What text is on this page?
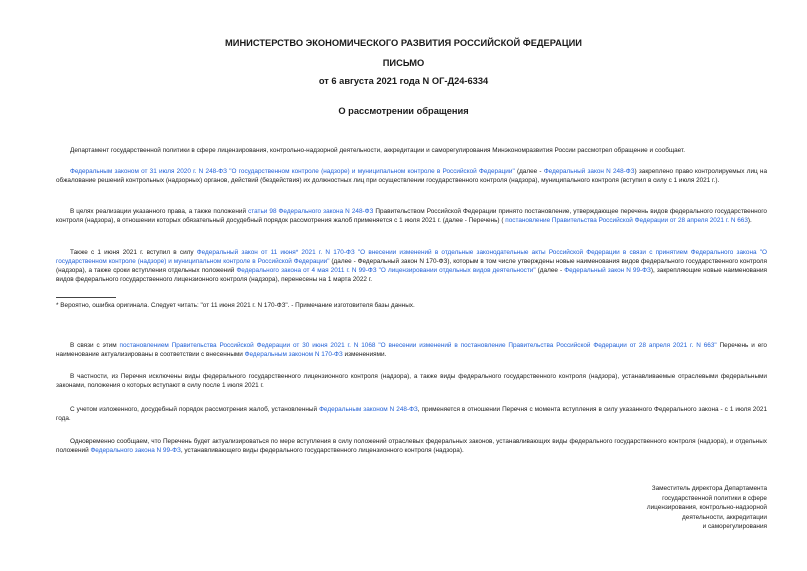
МИНИСТЕРСТВО ЭКОНОМИЧЕСКОГО РАЗВИТИЯ РОССИЙСКОЙ ФЕДЕРАЦИИ
ПИСЬМО
от 6 августа 2021 года N ОГ-Д24-6334
О рассмотрении обращения
Департамент государственной политики в сфере лицензирования, контрольно-надзорной деятельности, аккредитации и саморегулирования Минэкономразвития России рассмотрел обращение и сообщает.
Федеральным законом от 31 июля 2020 г. N 248-ФЗ "О государственном контроле (надзоре) и муниципальном контроле в Российской Федерации" (далее - Федеральный закон N 248-ФЗ) закреплено право контролируемых лиц на обжалование решений контрольных (надзорных) органов, действий (бездействия) их должностных лиц при осуществлении государственного контроля (надзора), муниципального контроля (вступил в силу с 1 июля 2021 г.).
В целях реализации указанного права, а также положений статьи 98 Федерального закона N 248-ФЗ Правительством Российской Федерации принято постановление, утверждающее перечень видов федерального государственного контроля (надзора), в отношении которых обязательный досудебный порядок рассмотрения жалоб применяется с 1 июля 2021 г. (далее - Перечень) ( постановление Правительства Российской Федерации от 28 апреля 2021 г. N 663).
Также с 1 июня 2021 г. вступил в силу Федеральный закон от 11 июня* 2021 г. N 170-ФЗ "О внесении изменений в отдельные законодательные акты Российской Федерации в связи с принятием Федерального закона "О государственном контроле (надзоре) и муниципальном контроле в Российской Федерации" (далее - Федеральный закон N 170-ФЗ), которым в том числе утверждены новые наименования видов федерального государственного контроля (надзора), а также сроки вступления отдельных положений Федерального закона от 4 мая 2011 г. N 99-ФЗ "О лицензировании отдельных видов деятельности" (далее - Федеральный закон N 99-ФЗ), закрепляющие новые наименования видов федерального государственного лицензионного контроля (надзора), перенесены на 1 марта 2022 г.
* Вероятно, ошибка оригинала. Следует читать: "от 11 июня 2021 г. N 170-ФЗ". - Примечание изготовителя базы данных.
В связи с этим постановлением Правительства Российской Федерации от 30 июня 2021 г. N 1068 "О внесении изменений в постановление Правительства Российской Федерации от 28 апреля 2021 г. N 663" Перечень и его наименование актуализированы в соответствии с внесенными Федеральным законом N 170-ФЗ изменениями.
В частности, из Перечня исключены виды федерального государственного лицензионного контроля (надзора), а также виды федерального государственного контроля (надзора), устанавливаемые отраслевыми федеральными законами, положения о которых вступают в силу после 1 июля 2021 г.
С учетом изложенного, досудебный порядок рассмотрения жалоб, установленный Федеральным законом N 248-ФЗ, применяется в отношении Перечня с момента вступления в силу указанного Федерального закона - с 1 июля 2021 года.
Одновременно сообщаем, что Перечень будет актуализироваться по мере вступления в силу положений отраслевых федеральных законов, устанавливающих виды федерального государственного контроля (надзора), и отдельных положений Федерального закона N 99-ФЗ, устанавливающего виды федерального государственного лицензионного контроля (надзора).
Заместитель директора Департамента
государственной политики в сфере
лицензирования, контрольно-надзорной
деятельности, аккредитации
и саморегулирования
